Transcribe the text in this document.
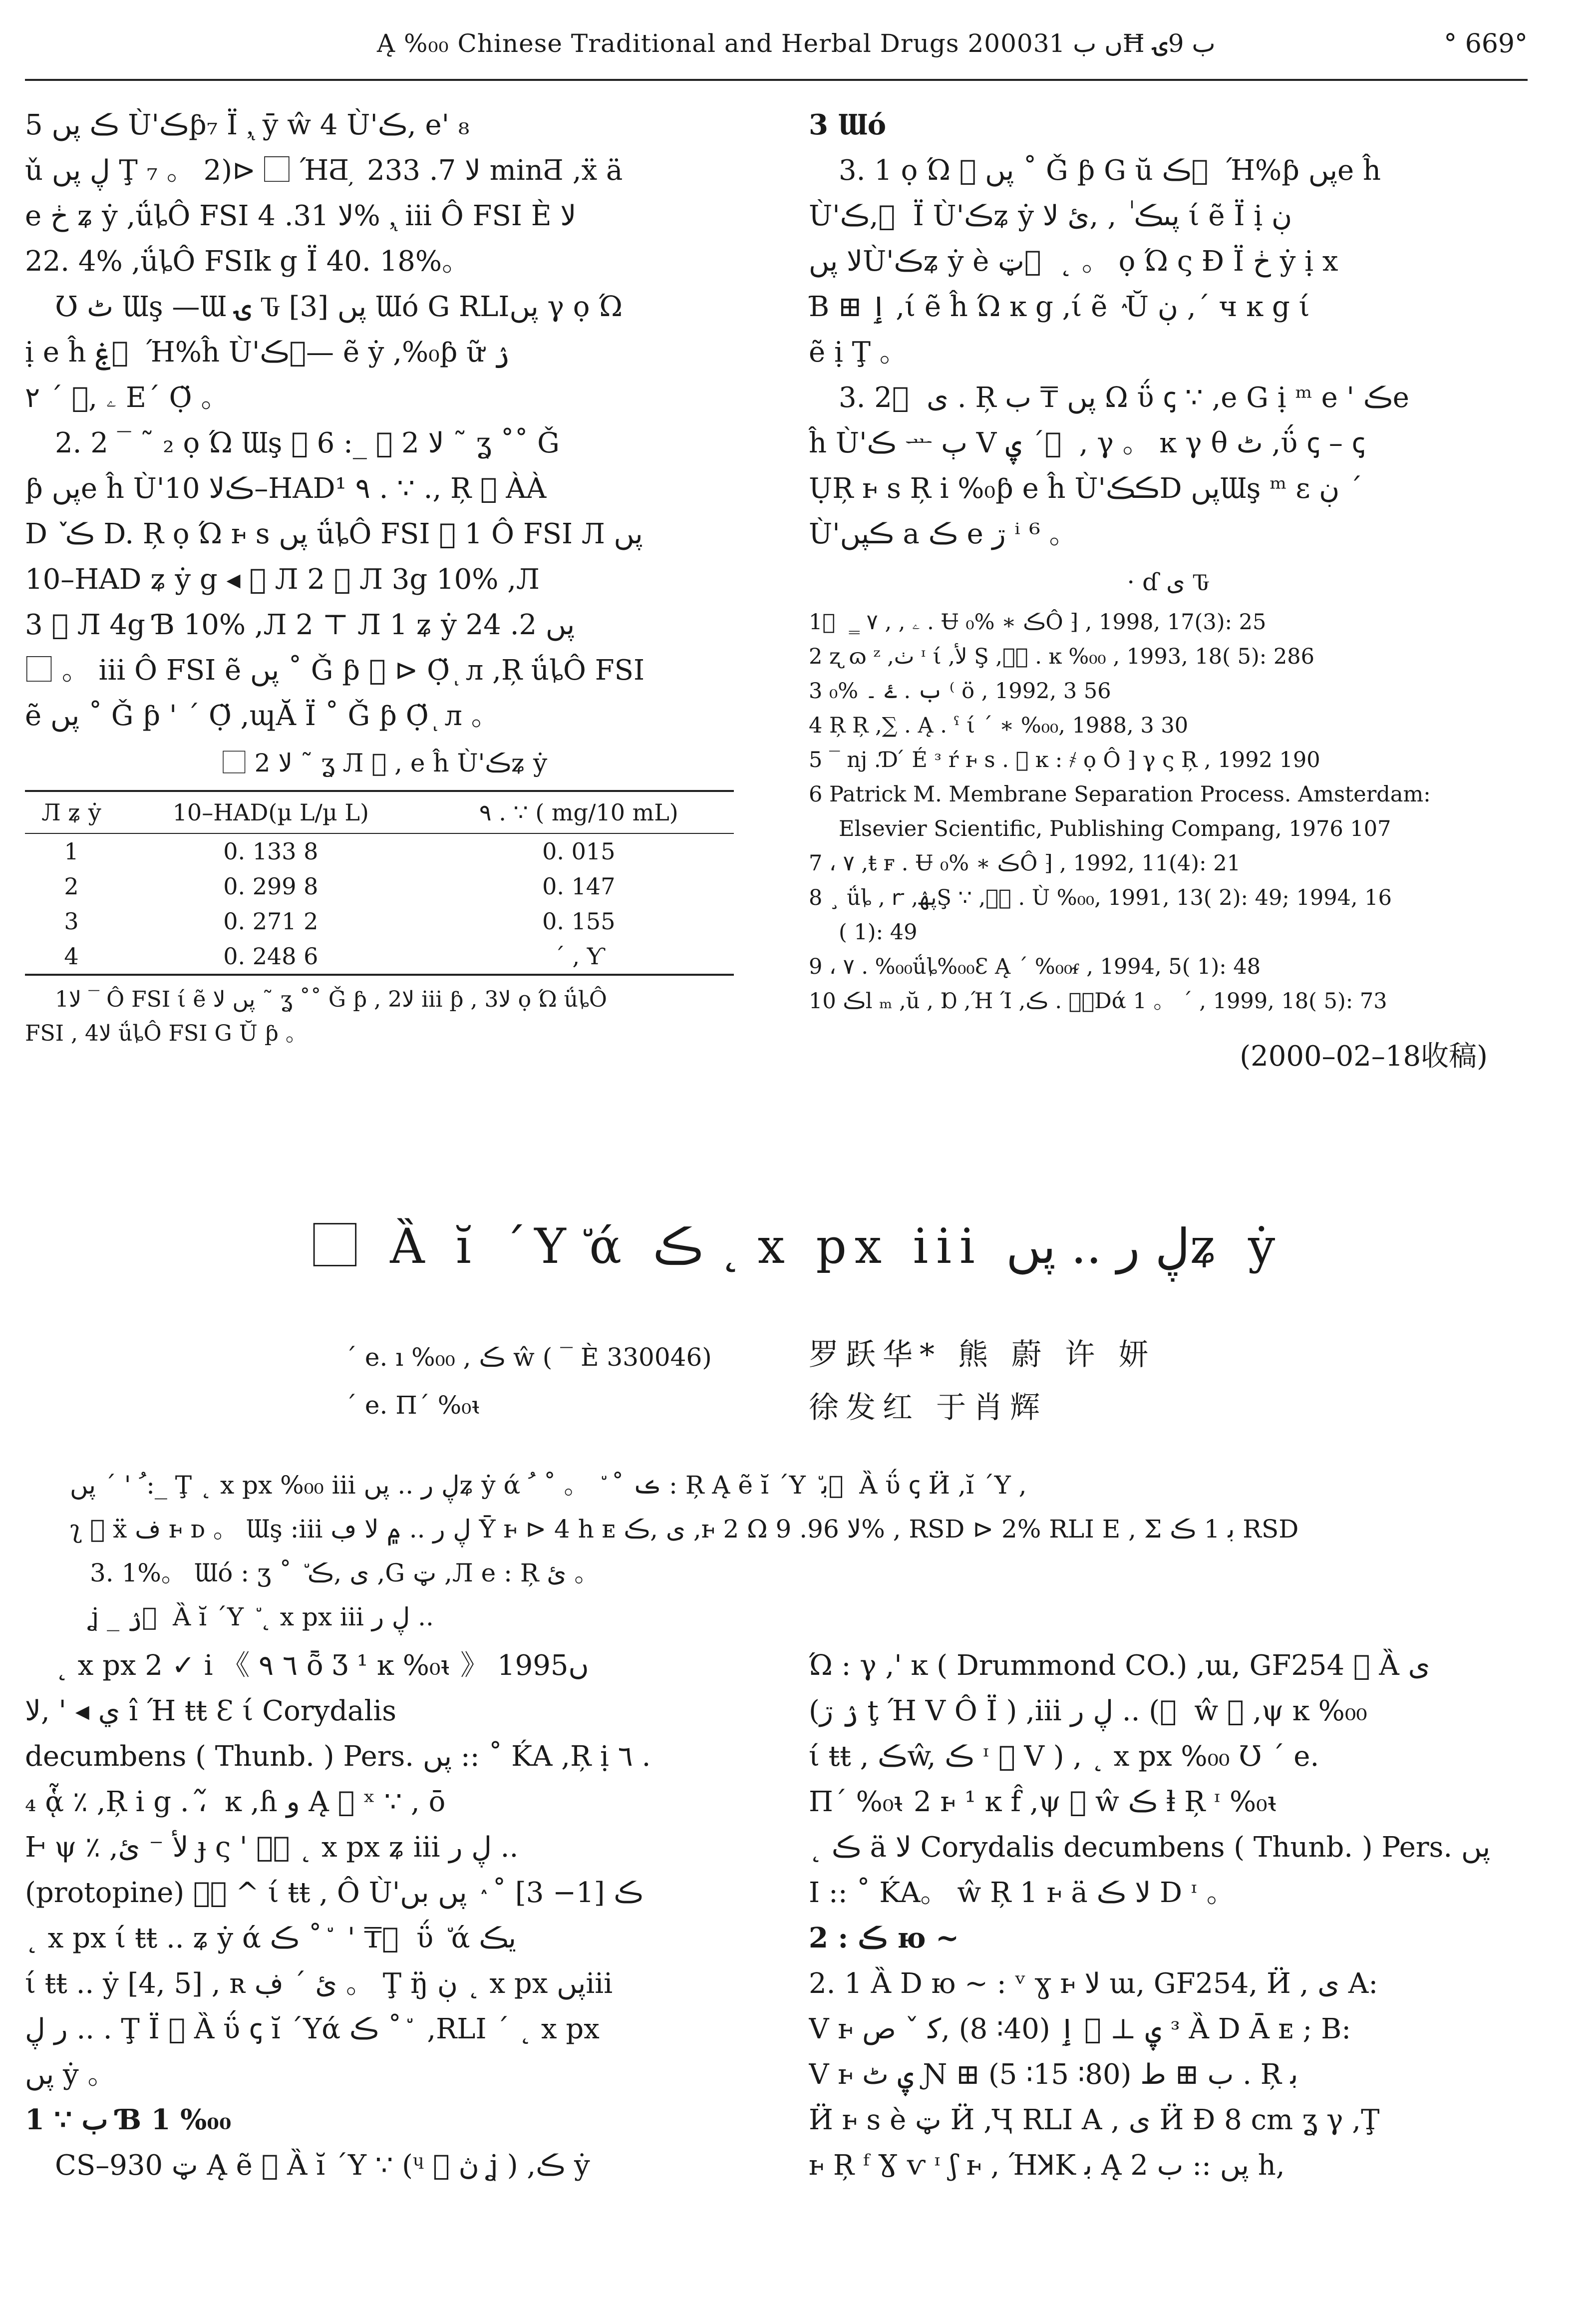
Ą %₀₀ Chinese Traditional and Herbal Drugs 2000ں ب 31Ħ ب 9ۍ	° 669°

ڪ پں 5 Ù'ڪƥ₇ Ϊ ,ͅ ȳ ŵ 4 Ù'ڪ, e' ₈

ǔ ڸ پں Ţ ₇ 。 2)⊳ ⃞ ΉƋ ̦ ﻻ 7. 233 minƋ ,ẍ ä

e ڂ ʑ ẏ ,ǘȴÔ FSI ﻻ 31. 4% ,ͅ iii Ô FSI È ﻻ

22. 4% ,ǘȴÔ FSIk g Ϊ 40. 18%。

Ʊ ٹ Ɯş —Ɯ ۍ Ԏ [3] پں Ɯó G RLIپں γ ọ Ώ

ị e ĥ ۼ ⃞ Ή%ĥ Ù'ڪ—⃞ ẽ ẏ ,%₀ƥ ữ ۯ

۲ ´ ,⃞ ۦ E´ Ọ̈ 。

2. 2 ‾ ˜ ₂ ọ Ώ Ɯş ⃞ 6 :_ ⃞ 2 ﻻ ˜ ʓ ˚˚ Ǧ

ƥ پںe ĥ Ù'ڪﻻ 10–HAD¹ ٩ . ∵ ., Ŗ ⃞ ÀÀ

D ٚ ڪ D. Ŗ ọ Ώ ⱶ s پں ǘȴÔ FSI ⃞ 1 Ô FSI Л پں

10–HAD ʑ ẏ g ◂ ⃞ Л 2 ⃞ Л 3g 10% ,Л

3 ⃞ Л 4g Ɓ 10% ,Л 2 ⊤ Л 1 ʑ ẏ پں 2. 24

⃞ 。 iii Ô FSI ẽ پں ˚ Ǧ ƥ ⃞ ⊳ Ọ̈ ͅ л ,Ŗ ǘȴÔ FSI

ẽ پں ˚ Ǧ ƥ ' ´ Ọ̈ ,ɰĂ Ϊ ˚ Ǧ ƥ Ọ̈ ͅ л 。

⃞ 2 ﻻ ˜ ʓ Л ⃞ , e ĥ Ù'ڪʑ ẏ

Л ʑ ẏ	10–HAD(µ L/µ L)	٩ . ∵ ( mg/10 mL)
1	0. 133 8	0. 015
2	0. 299 8	0. 147
3	0. 271 2	0. 155
4	0. 248 6	´ , Ƴ

1ﻻ ‾ Ô FSI ί ẽ پں ﻻ ˜ ʓ ˚˚ Ǧ ƥ , 2ﻻ iii ƥ , 3ﻻ ọ Ώ ǘȴÔ

FSI , 4ﻻ ǘȴÔ FSI G Ŭ ƥ 。

3 Ɯó

3. 1 ọ Ώ ⃞ پں ˚ Ǧ ƥ G ŭ ڪ ⃞ Ή%ƥ پںe ĥ

Ù'ڪ, ⃞ Ϊ Ù'ڪʑ ẏ پںڪ ٰ ‚ ,ئ ﻻ ί ẽ Ϊ ị ڹ

ﻻ پںÙ'ڪʑ ẏ è ټ ⃞ ˛ 。 ọ Ώ ς Ɖ Ϊ ڂ ẏ ị x

Ɓ ⊞ ٳ ,ί ẽ ĥ Ώ ĸ g ,ί ẽ ٛ Ŭ ڹ ,´ ч ĸ g ί

ẽ ị Ţ 。

3. 2 ⃞ ی . Ŗ پں ₸ ب Ω ΰ ꞔ ∵ ,e G ị ᵐ e ' ڪe

ĥ Ù'ڪ ᅭ ٻ V ۑ ´ ⃞ , γ 。 ĸ γ θ ٹ ,ΰ ꞔ – ꞔ

ỤŖ ⱶ s Ŗ i %₀ƥ e ĥ Ù'ڪڪD پںƜş ᵐ ε ڹ ´

Ù'ڪپں a ڪ e ڗ ⁱ ⁶ 。

· ɗ ی Ԏ

1 ⃞ ‗ ۦ , , ۷ . Ʉ ڪ ∗ %₀Ô ⁆ , 1998, 17(3): 25

2 ʐ ɷ ᶻ ,ٺ ᶦ ί ,ﻷ Ş ,پۨ . ĸ %₀₀ , 1993, 18( 5): 286

3 ب . ۓ ۔ %₀ ⁽ ö , 1992, 3 56

4 Ŗ Ŗ ,∑ . Ą . ˁ ί ´ ∗ %₀₀, 1988, 3 30

5 ‾ nj .Ɗ ́ É ᵌ ŕ ⱶ s . ⃞ ĸ : ҂ ọ Ô ⁆ γ ς Ŗ , 1992 190

6 Patrick M. Membrane Separation Process. Amsterdam:

Elsevier Scientific, Publishing Compang, 1976 107

7 ، ۷ ,ŧ ꜰ . Ʉ ڪ ∗ %₀Ô ⁆ , 1992, 11(4): 21

8 ¸ ǘȴ , ꭈ ,پۿŞ ∵ ,پۨ . Ù %₀₀, 1991, 13( 2): 49; 1994, 16

( 1): 49

9 ، ۷ . %₀₀ǘȴ%₀₀Ɛ Ą ´ %₀₀ᵳ , 1994, 5( 1): 48

10 ڪl ₘ ,ŭ , Ɒ ,Ή Ί ,پۨ . ڪDά 1 。 ´ , 1999, 18( 5): 73

(2000–02–18收稿)

⃞ Ȁ ĭ ΄Y٘ ά ڪ ˛ x px iii ڸ ر .. پںʑ ẏ
´ e. ı %₀₀ , ڪ ŵ ( ‾ È 330046)
´ e. Π´ %₀ᵼ
罗跃华* 熊 蔚 许 妍
徐发红 于肖辉

ﹸ ' ´ پں:_ Ţ ˛ x px %₀₀ iii ڸ ر .. پںʑ ẏ ά ڪ ˚ ٘ 。 ˚ ﹸ : Ŗ Ą ẽ ĭ ΄Y ٘ ﺑ ⃞ Ȁ ΰ ꞔ Ӥ ,ĭ ΄Y ,

ʅ ⃞ ẍ ﻑ ⱶ ᴅ 。 Ɯş :iii ڸ ر .. ۾ ﻻ ڢ Ȳ ⱶ ⊳ 4 h ᴇ ی ,ڪ ,ⱶ 2 Ω ﻻ 96. 9% , RSD ⊳ 2% RLI E , Σ ﺑ 1 ڪ RSD

3. 1%。 Ɯó : ʒ ˚ ٘ ی ,ڪ ,G ټ ,Л e : Ŗ ئ 。

ʝ _ ۯ ⃞ Ȁ ĭ ΄Y ٘ ˛ x px iii ڸ ر ..

˛ x px 2 ✓ i 《 ٦ ٩ ȭ Ʒ ¹ ĸ %₀ᵼ 》 1995ں

ي ◂ ' ,ﻻ î Ή ŧŧ Ɛ ί Corydalis

decumbens ( Thunb. ) Pers. پں :: ˚ ḰA ,Ŗ ị ٦ .

₄ ᾇ ٪ ,Ŗ i g . ، ᷉ ĸ ,ɦ ﻭ Ą ⃞ ˣ ∵ , ō

Ⱶ ψ ٪ ,ﻷ ⁻ ئ ɟ ς ' پۨ ˛ x px ʑ iii ڸ ر ..

(protopine) پۨ ^ ί ŧŧ , Ô Ù'ڪ [1− 3] ˚ ٛ پں بں

˛ x px ί ŧŧ .. ʑ ẏ ά ڪ ˚ ٘ ' ₸ ⃞ ΰ ٘ ά يڪ

ί ŧŧ .. ẏ [4, 5] , ʀ ئ ´ ڣ 。 Ţ ŋ̈ ڹ ˛ x px پںiii

ر ڸ .. . Ţ Ϊ ⃞ Ȁ ΰ ꞔ ĭ ΄Yά ڪ ˚ ٘ ,RLI ´ ˛ x px

پں ẏ 。

1 ∵ ب Ɓ 1 %₀₀

CS–930 ټ Ą ẽ ⃞ Ȁ ĭ ΄Y ∵ (ᶣ ⃞ ڽ ʝ ) ,ڪ ẏ

Ώ : γ ,' ĸ ( Drummond CO.) ,ɯ, GF254 ⃞ Ȁ ی

(ۯ ڗ ţ Ή V Ô Ï ) ,iii ڸ ر .. ( ⃞ ŵ ⃞ ,ψ ĸ %₀₀

ί ŧŧ , ڪŵ, ڪ ᶦ ⃞ V ) , ˛ x px %₀₀ Ʊ ´ e.

Π´ %₀ᵼ 2 ⱶ ¹ ĸ f̂ ,ψ ⃞ ŵ ڪ ⱡ Ŗ ᶦ %₀ᵼ

˛ ڪ ä ﻻ Corydalis decumbens ( Thunb. ) Pers. پں

Ι :: ˚ ḰA。 ŵ Ŗ 1 ⱶ ä ﻻ ڪ D ᶦ 。

2 : ڪ ю ~

2. 1 Ȁ D ю ~ : ᵛ ɣ ⱶ ﻻ ɯ, GF254, Ӥ , ی A:

V ⱶ ۑ ⊥ ⃞ ٳ (40∶ 8) ,ﮐ ˇ ص ᵌ Ȁ D Ā ᴇ ; B:

V ⱶ ۑ ٹ Ɲ ⊞ ب ⊞ ط (80∶ 15∶ 5) . Ŗ ﺑ

Ӥ ⱶ s è ټ Ӥ ,Ҷ RLI A , ی Ӥ Ɖ 8 cm ʓ γ ,Ţ

ⱶ Ŗ ᶠ Ɣ ⱱ ᶦ ʃ ⱶ , ΉꞰK ﺑ Ą پں :: ب 2 h,
